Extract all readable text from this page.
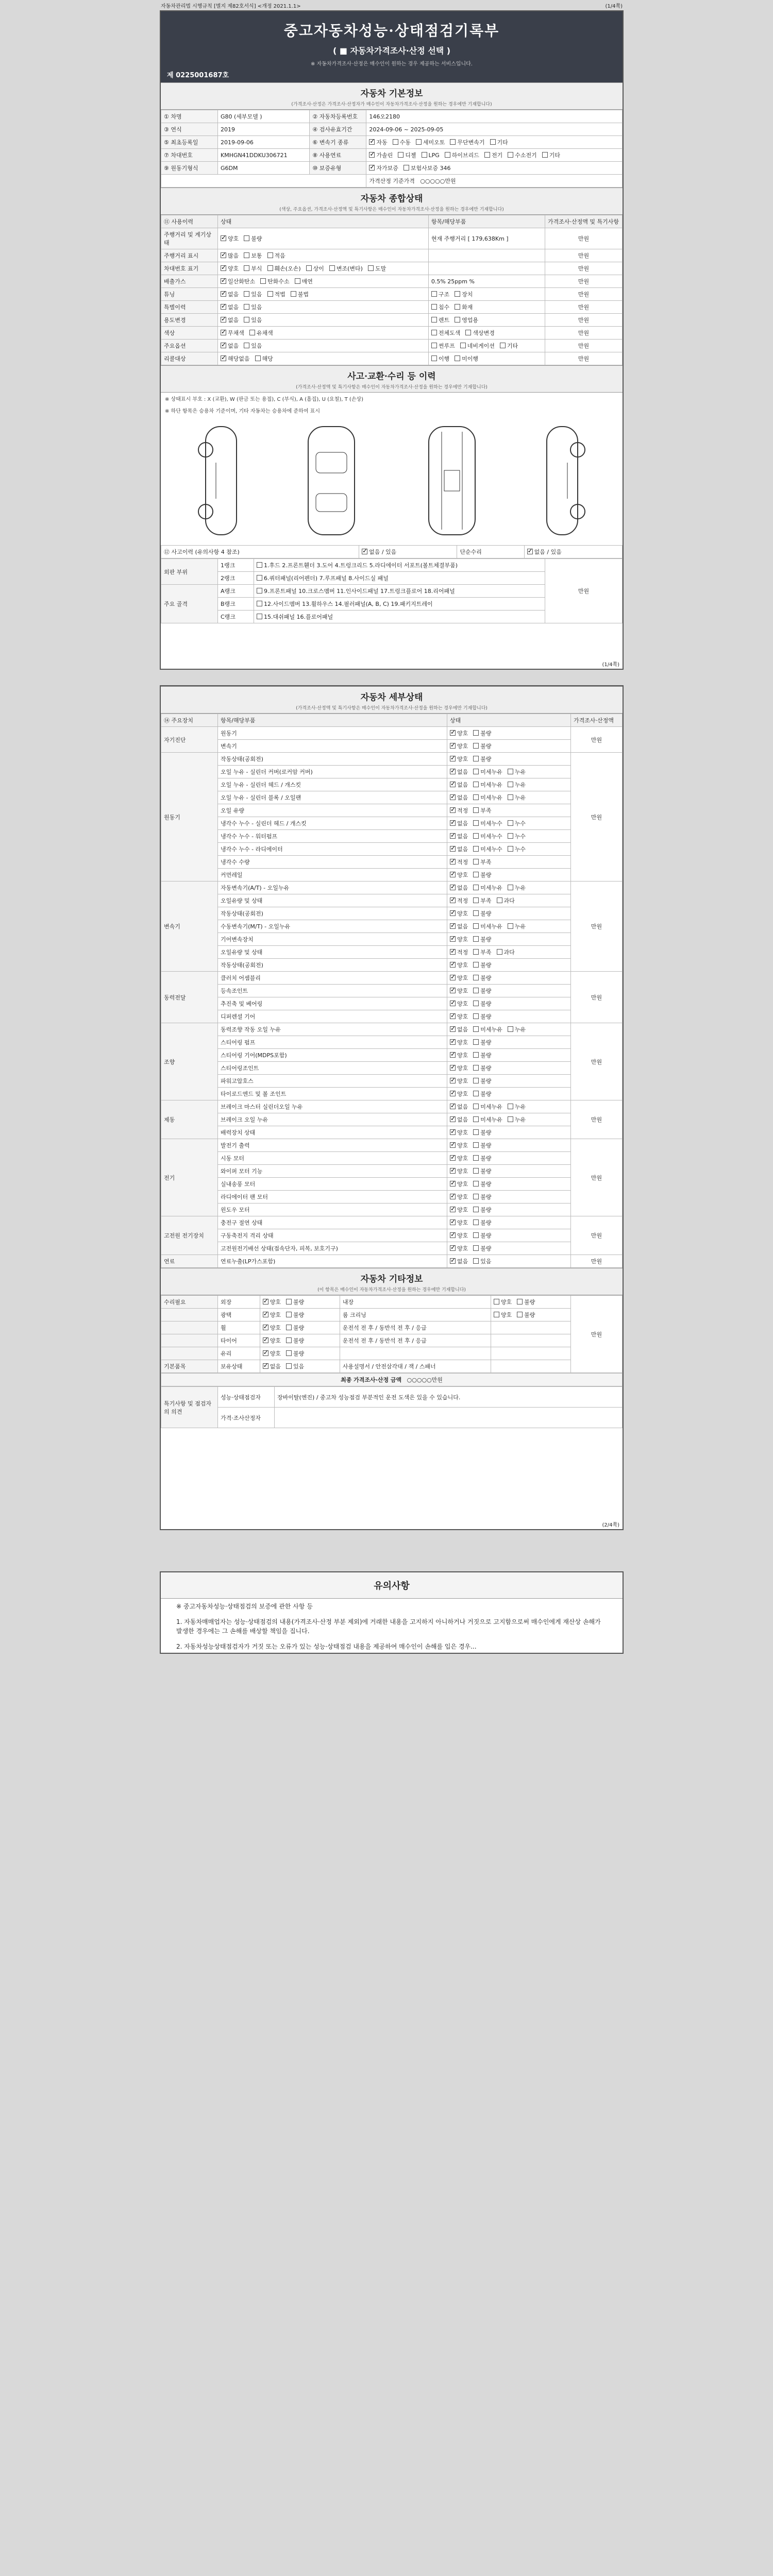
자동차관리법 시행규칙 [별지 제82호서식] <개정 2021.1.1>	(1/4쪽)
중고자동차성능·상태점검기록부
( ■ 자동차가격조사·산정 선택 )
※ 자동차가격조사·산정은 매수인이 원하는 경우 제공하는 서비스입니다.
제 0225001687호
자동차 기본정보
(가격조사·산정은 가격조사·산정자가 매수인이 자동차가격조사·산정을 원하는 경우에만 기재합니다)
① 차명	G80 (세부모델 )	② 자동차등록번호	146오2180
③ 연식	2019	④ 검사유효기간	2024-09-06 ~ 2025-09-05
⑤ 최초등록일	2019-09-06	⑥ 변속기 종류	✓자동 수동 세미오토 무단변속기 기타
⑦ 차대번호	KMHGN41DDKU306721	⑧ 사용연료	✓가솔린 디젤 LPG 하이브리드 전기 수소전기 기타
⑨ 원동기형식	G6DM	⑩ 보증유형	✓자가보증 보험사보증 346
			가격산정 기준가격   ○○○○○만원
자동차 종합상태
(색상, 주요옵션, 가격조사·산정액 및 특기사항은 매수인이 자동차가격조사·산정을 원하는 경우에만 기재합니다)
⑪ 사용이력	상태	항목/해당부품	가격조사·산정액 및 특기사항
주행거리 및 계기상태	✓양호 불량	현재 주행거리 [ 179,638Km ]	만원
주행거리 표시	✓많음 보통 적음		만원
차대번호 표기	✓양호 부식 훼손(오손) 상이 변조(변타) 도말		만원
배출가스	✓일산화탄소 탄화수소 매연	0.5% 25ppm %	만원
튜닝	✓없음 있음 적법 불법	구조 장치	만원
특별이력	✓없음 있음	침수 화재	만원
용도변경	✓없음 있음	렌트 영업용	만원
색상	✓무채색 유채색	전체도색 색상변경	만원
주요옵션	✓없음 있음	썬루프 네비게이션 기타	만원
리콜대상	✓해당없음 해당	이행 미이행	만원
사고·교환·수리 등 이력
(가격조사·산정액 및 특기사항은 매수인이 자동차가격조사·산정을 원하는 경우에만 기재합니다)
※ 상태표시 부호 : X (교환), W (판금 또는 용접), C (부식), A (흠집), U (요철), T (손상)
※ 하단 항목은 승용차 기준이며, 기타 자동차는 승용차에 준하여 표시
⑫ 사고이력 (유의사항 4 참조)	✓없음 / 있음	단순수리	✓없음 / 있음
외판 부위	1랭크	1.후드 2.프론트휀더 3.도어 4.트렁크리드 5.라디에이터 서포트(볼트체결부품)	만원
	2랭크	6.쿼터패널(리어펜더) 7.루프패널 8.사이드실 패널	
주요 골격	A랭크	9.프론트패널 10.크로스멤버 11.인사이드패널 17.트렁크플로어 18.리어패널	
	B랭크	12.사이드멤버 13.휠하우스 14.필러패널(A, B, C) 19.패키지트레이	
	C랭크	15.대쉬패널 16.플로어패널	
(1/4쪽)
자동차 세부상태
(가격조사·산정액 및 특기사항은 매수인이 자동차가격조사·산정을 원하는 경우에만 기재합니다)
⑭ 주요장치	항목/해당부품	상태	가격조사·산정액
자기진단	원동기	✓양호 불량	만원
	변속기	✓양호 불량
원동기	작동상태(공회전)	✓양호 불량	만원
	오일 누유 - 실린더 커버(로커암 커버)	✓없음 미세누유 누유
	오일 누유 - 실린더 헤드 / 개스킷	✓없음 미세누유 누유
	오일 누유 - 실린더 블록 / 오일팬	✓없음 미세누유 누유
	오일 유량	✓적정 부족
	냉각수 누수 - 실린더 헤드 / 개스킷	✓없음 미세누수 누수
	냉각수 누수 - 워터펌프	✓없음 미세누수 누수
	냉각수 누수 - 라디에이터	✓없음 미세누수 누수
	냉각수 수량	✓적정 부족
	커먼레일	✓양호 불량
변속기	자동변속기(A/T) - 오일누유	✓없음 미세누유 누유	만원
	오일유량 및 상태	✓적정 부족 과다
	작동상태(공회전)	✓양호 불량
	수동변속기(M/T) - 오일누유	✓없음 미세누유 누유
	기어변속장치	✓양호 불량
	오일유량 및 상태	✓적정 부족 과다
	작동상태(공회전)	✓양호 불량
동력전달	클러치 어셈블리	✓양호 불량	만원
	등속조인트	✓양호 불량
	추진축 및 베어링	✓양호 불량
	디퍼렌셜 기어	✓양호 불량
조향	동력조향 작동 오일 누유	✓없음 미세누유 누유	만원
	스티어링 펌프	✓양호 불량
	스티어링 기어(MDPS포함)	✓양호 불량
	스티어링조인트	✓양호 불량
	파워고압호스	✓양호 불량
	타이로드엔드 및 볼 조인트	✓양호 불량
제동	브레이크 마스터 실린더오일 누유	✓없음 미세누유 누유	만원
	브레이크 오일 누유	✓없음 미세누유 누유
	배력장치 상태	✓양호 불량
전기	발전기 출력	✓양호 불량	만원
	시동 모터	✓양호 불량
	와이퍼 모터 기능	✓양호 불량
	실내송풍 모터	✓양호 불량
	라디에이터 팬 모터	✓양호 불량
	윈도우 모터	✓양호 불량
고전원 전기장치	충전구 절연 상태	✓양호 불량	만원
	구동축전지 격리 상태	✓양호 불량
	고전원전기배선 상태(접속단자, 피복, 보호기구)	✓양호 불량
연료	연료누출(LP가스포함)	✓없음 있음	만원
자동차 기타정보
(이 항목은 매수인이 자동차가격조사·산정을 원하는 경우에만 기재합니다)
수리필요	외장	✓양호 불량	내장	양호 불량	만원
	광택	✓양호 불량	룸 크리닝	양호 불량	
	휠	✓양호 불량	운전석 전 후 / 동반석 전 후 / 응급		
	타이어	✓양호 불량	운전석 전 후 / 동반석 전 후 / 응급		
	유리	✓양호 불량		
기본품목	보유상태	✓없음 있음	사용설명서 / 안전삼각대 / 잭 / 스패너		
최종 가격조사·산정 금액 ○○○○○만원
특기사항 및 점검자의 의견	성능·상태점검자	장바이탈(엔진) / 중고차 성능점검 부분적인 운전 도색은 있을 수 있습니다.
	가격·조사산정자	
(2/4쪽)
유의사항

※ 중고자동차성능·상태점검의 보증에 관한 사항 등

1. 자동차매매업자는 성능·상태점검의 내용(가격조사·산정 부분 제외)에 거래한 내용을 고지하지 아니하거나 거짓으로 고지함으로써 매수인에게 재산상 손해가 발생한 경우에는 그 손해를 배상할 책임을 집니다.

2. 자동차성능상태점검자가 거짓 또는 오류가 있는 성능·상태점검 내용을 제공하여 매수인이 손해를 입은 경우...
